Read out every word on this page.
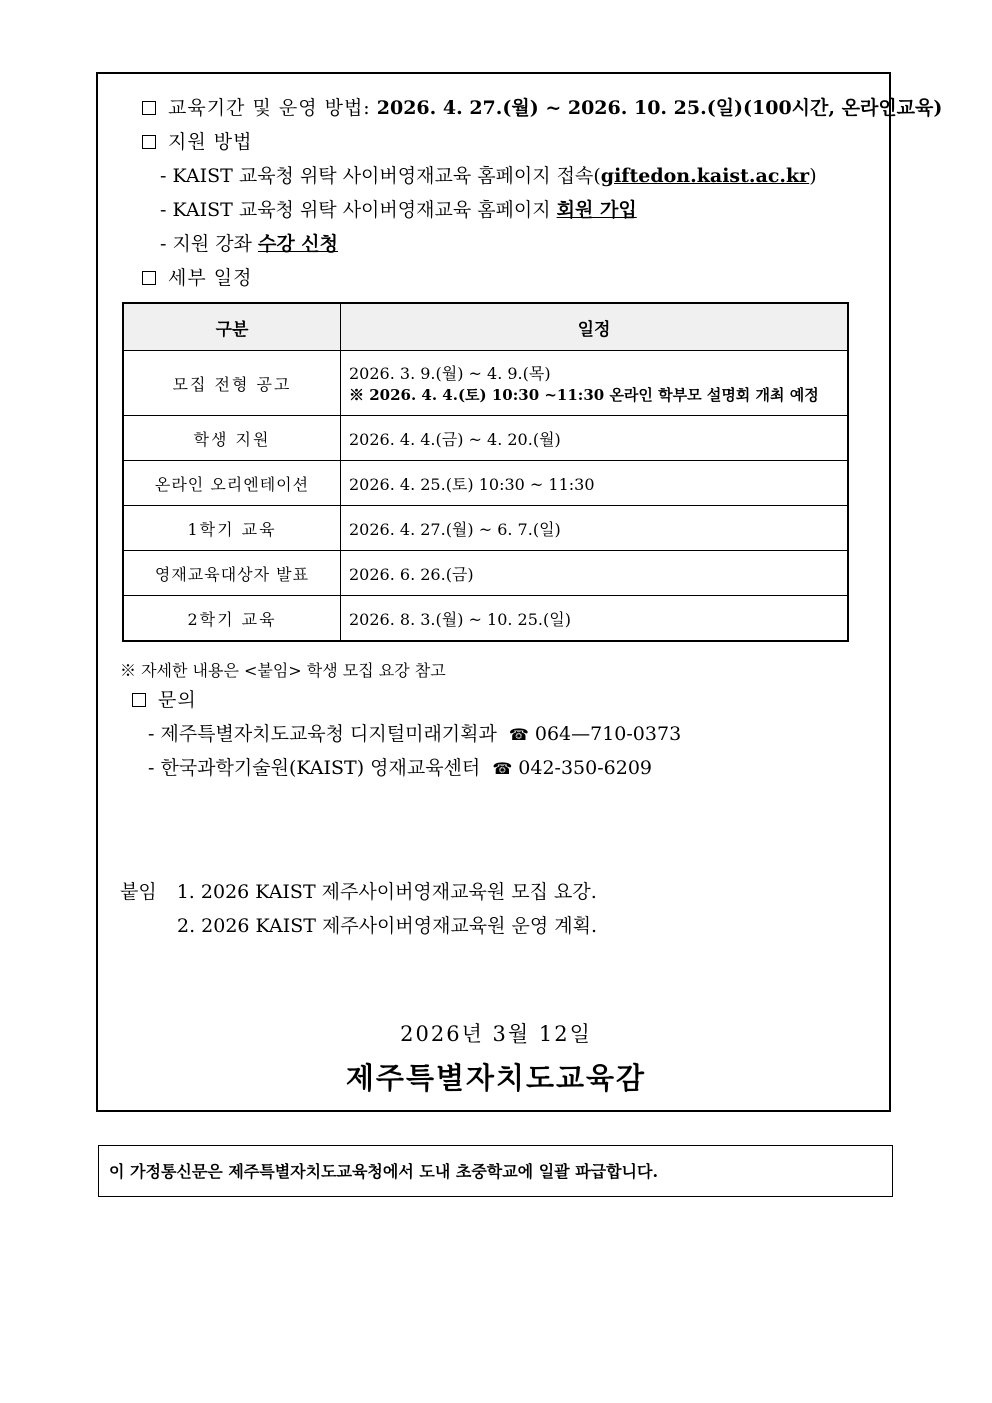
교육기간 및 운영 방법: 2026. 4. 27.(월) ~ 2026. 10. 25.(일)(100시간, 온라인교육)
지원 방법
- KAIST 교육청 위탁 사이버영재교육 홈페이지 접속(giftedon.kaist.ac.kr)
- KAIST 교육청 위탁 사이버영재교육 홈페이지 회원 가입
- 지원 강좌 수강 신청
세부 일정
구분	일정
모집 전형 공고	2026. 3. 9.(월) ~ 4. 9.(목)
※ 2026. 4. 4.(토) 10:30 ~11:30 온라인 학부모 설명회 개최 예정

학생 지원	2026. 4. 4.(금) ~ 4. 20.(월)
온라인 오리엔테이션	2026. 4. 25.(토) 10:30 ~ 11:30
1학기 교육	2026. 4. 27.(월) ~ 6. 7.(일)
영재교육대상자 발표	2026. 6. 26.(금)
2학기 교육	2026. 8. 3.(월) ~ 10. 25.(일)
※ 자세한 내용은 <붙임> 학생 모집 요강 참고
문의
- 제주특별자치도교육청 디지털미래기획과 ☎ 064—710-0373
- 한국과학기술원(KAIST) 영재교육센터 ☎ 042-350-6209
붙임 1. 2026 KAIST 제주사이버영재교육원 모집 요강.
2. 2026 KAIST 제주사이버영재교육원 운영 계획.
2026년 3월 12일
제주특별자치도교육감
이 가정통신문은 제주특별자치도교육청에서 도내 초중학교에 일괄 파급합니다.
